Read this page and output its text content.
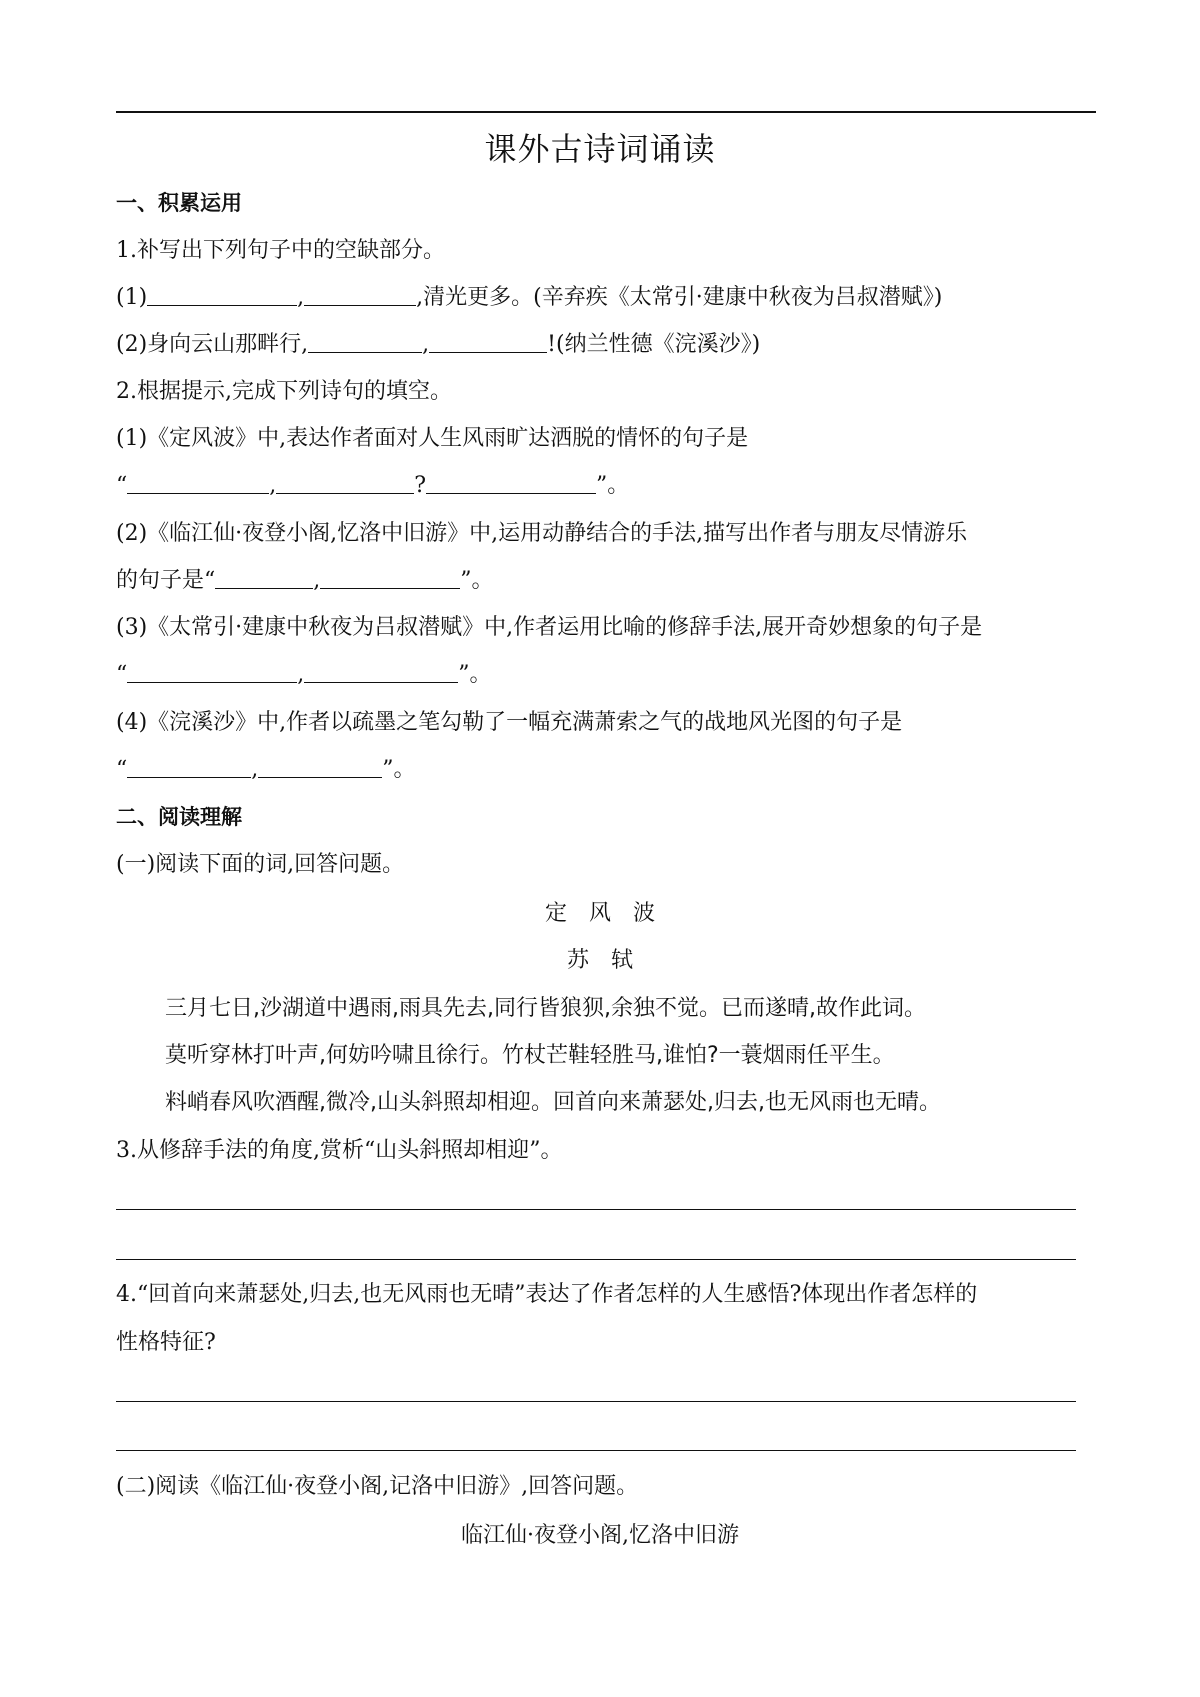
课外古诗词诵读
一、积累运用
1.补写出下列句子中的空缺部分。
(1)	,	,清光更多。(辛弃疾《太常引·建康中秋夜为吕叔潜赋》)
(2)身向云山那畔行,	,	!(纳兰性德《浣溪沙》)
2.根据提示,完成下列诗句的填空。
(1)《定风波》中,表达作者面对人生风雨旷达洒脱的情怀的句子是
“	,	?	”。
(2)《临江仙·夜登小阁,忆洛中旧游》中,运用动静结合的手法,描写出作者与朋友尽情游乐
的句子是“	,	”。
(3)《太常引·建康中秋夜为吕叔潜赋》中,作者运用比喻的修辞手法,展开奇妙想象的句子是
“	,	”。
(4)《浣溪沙》中,作者以疏墨之笔勾勒了一幅充满萧索之气的战地风光图的句子是
“	,	”。
二、阅读理解
(一)阅读下面的词,回答问题。
定风波
苏轼
三月七日,沙湖道中遇雨,雨具先去,同行皆狼狈,余独不觉。已而遂晴,故作此词。
莫听穿林打叶声,何妨吟啸且徐行。竹杖芒鞋轻胜马,谁怕?一蓑烟雨任平生。
料峭春风吹酒醒,微冷,山头斜照却相迎。回首向来萧瑟处,归去,也无风雨也无晴。
3.从修辞手法的角度,赏析“山头斜照却相迎”。
4.“回首向来萧瑟处,归去,也无风雨也无晴”表达了作者怎样的人生感悟?体现出作者怎样的
性格特征?
(二)阅读《临江仙·夜登小阁,记洛中旧游》,回答问题。
临江仙·夜登小阁,忆洛中旧游
